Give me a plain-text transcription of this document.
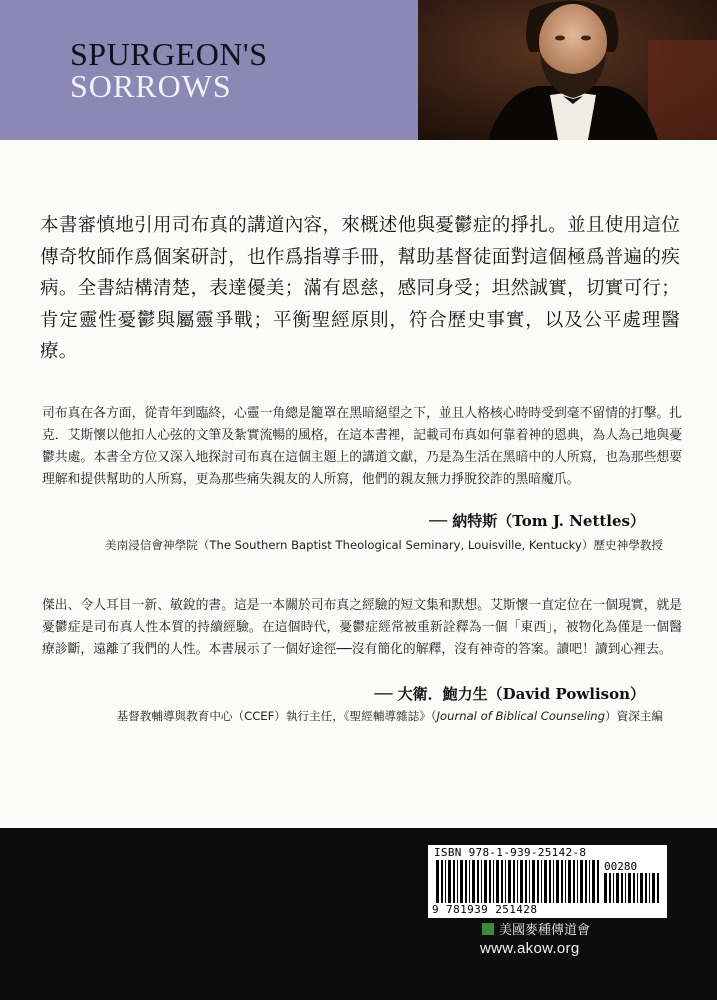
SPURGEON'S
SORROWS
本書審慎地引用司布真的講道內容，來概述他與憂鬱症的掙扎。並且使用這位傳奇牧師作爲個案研討，也作爲指導手冊，幫助基督徒面對這個極爲普遍的疾病。全書結構清楚，表達優美；滿有恩慈，感同身受；坦然誠實，切實可行；肯定靈性憂鬱與屬靈爭戰；平衡聖經原則，符合歷史事實，以及公平處理醫療。
司布真在各方面，從青年到臨終，心靈一角總是籠罩在黑暗絕望之下，並且人格核心時時受到毫不留情的打擊。扎克．艾斯懷以他扣人心弦的文筆及紮實流暢的風格，在這本書裡，記載司布真如何靠着神的恩典，為人為己地與憂鬱共處。本書全方位又深入地探討司布真在這個主題上的講道文獻，乃是為生活在黑暗中的人所寫，也為那些想要理解和提供幫助的人所寫，更為那些痛失親友的人所寫，他們的親友無力掙脫狡詐的黑暗魔爪。
── 納特斯（Tom J. Nettles）
美南浸信會神學院（The Southern Baptist Theological Seminary, Louisville, Kentucky）歷史神學教授
傑出、令人耳目一新、敏銳的書。這是一本關於司布真之經驗的短文集和默想。艾斯懷一直定位在一個現實，就是憂鬱症是司布真人性本質的持續經驗。在這個時代，憂鬱症經常被重新詮釋為一個「東西」，被物化為僅是一個醫療診斷，遠離了我們的人性。本書展示了一個好途徑──沒有簡化的解釋，沒有神奇的答案。讀吧！讀到心裡去。
── 大衛．鮑力生（David Powlison）
基督教輔導與教育中心（CCEF）執行主任，《聖經輔導雜誌》（Journal of Biblical Counseling）資深主編
ISBN 978-1-939-25142-8
00280
9 781939 251428
美國麥種傳道會
www.akow.org
